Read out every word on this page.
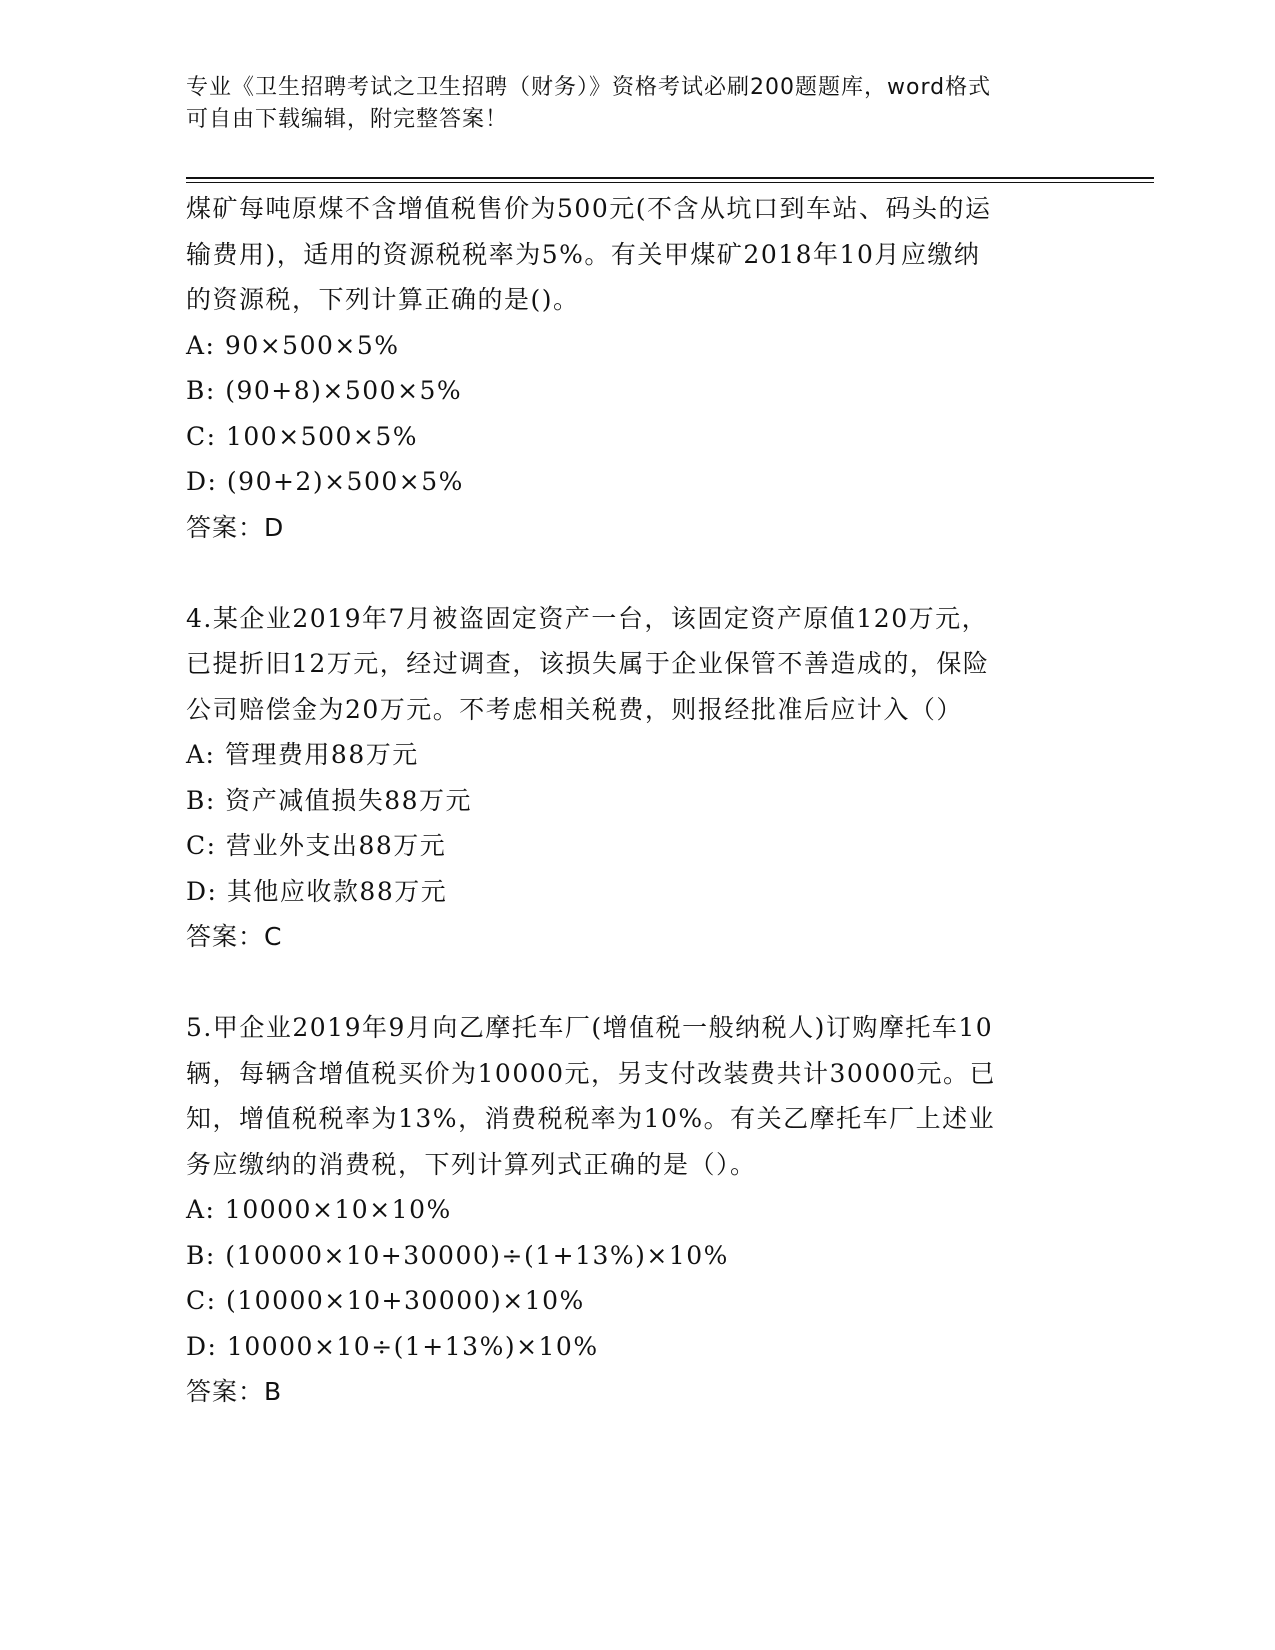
专业《卫生招聘考试之卫生招聘（财务）》资格考试必刷200题题库，word格式
可自由下载编辑，附完整答案！
煤矿每吨原煤不含增值税售价为500元(不含从坑口到车站、码头的运
输费用)，适用的资源税税率为5%。有关甲煤矿2018年10月应缴纳
的资源税，下列计算正确的是()。
A: 90×500×5%
B: (90+8)×500×5%
C: 100×500×5%
D: (90+2)×500×5%
答案：D
4.某企业2019年7月被盗固定资产一台，该固定资产原值120万元，
已提折旧12万元，经过调查，该损失属于企业保管不善造成的，保险
公司赔偿金为20万元。不考虑相关税费，则报经批准后应计入（）
A: 管理费用88万元
B: 资产减值损失88万元
C: 营业外支出88万元
D: 其他应收款88万元
答案：C
5.甲企业2019年9月向乙摩托车厂(增值税一般纳税人)订购摩托车10
辆，每辆含增值税买价为10000元，另支付改装费共计30000元。已
知，增值税税率为13%，消费税税率为10%。有关乙摩托车厂上述业
务应缴纳的消费税，下列计算列式正确的是（）。
A: 10000×10×10%
B: (10000×10+30000)÷(1+13%)×10%
C: (10000×10+30000)×10%
D: 10000×10÷(1+13%)×10%
答案：B
